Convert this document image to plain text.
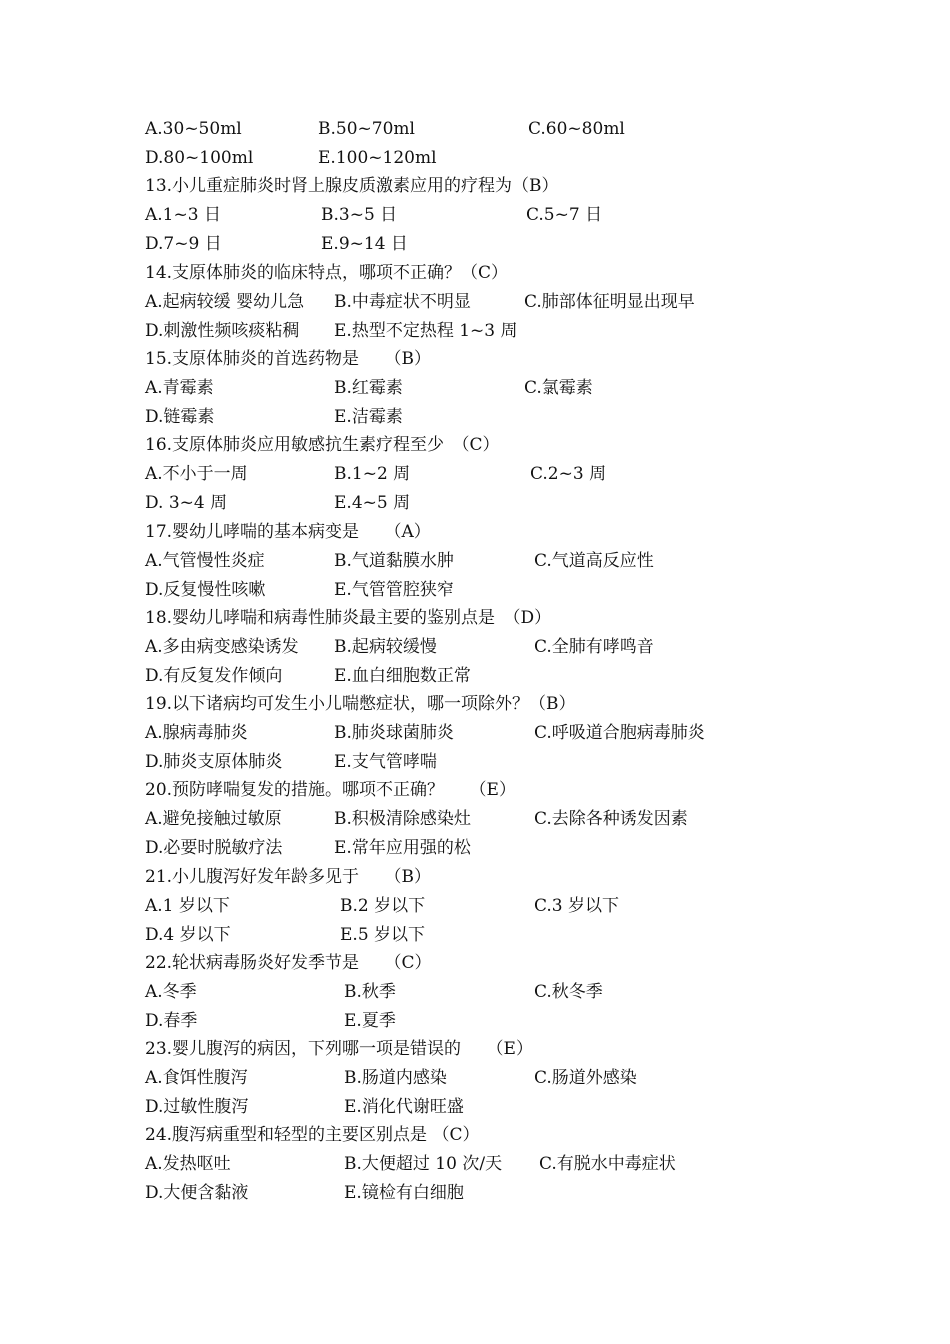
A.30~50ml	B.50~70ml	C.60~80ml
D.80~100ml	E.100~120ml
13.小儿重症肺炎时肾上腺皮质激素应用的疗程为（B）
A.1~3 日	B.3~5 日	C.5~7 日
D.7~9 日	E.9~14 日
14.支原体肺炎的临床特点，哪项不正确？（C）
A.起病较缓 婴幼儿急 B.中毒症状不明显	C.肺部体征明显出现早
D.刺激性频咳痰粘稠 E.热型不定热程 1~3 周
15.支原体肺炎的首选药物是　　（B）
A.青霉素	B.红霉素	C.氯霉素
D.链霉素	E.洁霉素
16.支原体肺炎应用敏感抗生素疗程至少　（C）
A.不小于一周	B.1~2 周	C.2~3 周
D. 3~4 周	E.4~5 周
17.婴幼儿哮喘的基本病变是　　（A）
A.气管慢性炎症	B.气道黏膜水肿	C.气道高反应性
D.反复慢性咳嗽	E.气管管腔狭窄
18.婴幼儿哮喘和病毒性肺炎最主要的鉴别点是　（D）
A.多由病变感染诱发 B.起病较缓慢	C.全肺有哮鸣音
D.有反复发作倾向	E.血白细胞数正常
19.以下诸病均可发生小儿喘憋症状，哪一项除外？（B）
A.腺病毒肺炎	B.肺炎球菌肺炎	C.呼吸道合胞病毒肺炎
D.肺炎支原体肺炎	E.支气管哮喘
20.预防哮喘复发的措施。哪项不正确？　　（E）
A.避免接触过敏原	B.积极清除感染灶	C.去除各种诱发因素
D.必要时脱敏疗法	E.常年应用强的松
21.小儿腹泻好发年龄多见于　　（B）
A.1 岁以下	B.2 岁以下	C.3 岁以下
D.4 岁以下	E.5 岁以下
22.轮状病毒肠炎好发季节是　　（C）
A.冬季	B.秋季	C.秋冬季
D.春季	E.夏季
23.婴儿腹泻的病因，下列哪一项是错误的　　（E）
A.食饵性腹泻	B.肠道内感染	C.肠道外感染
D.过敏性腹泻	E.消化代谢旺盛
24.腹泻病重型和轻型的主要区别点是 （C）
A.发热呕吐	B.大便超过 10 次/天 C.有脱水中毒症状
D.大便含黏液	E.镜检有白细胞
